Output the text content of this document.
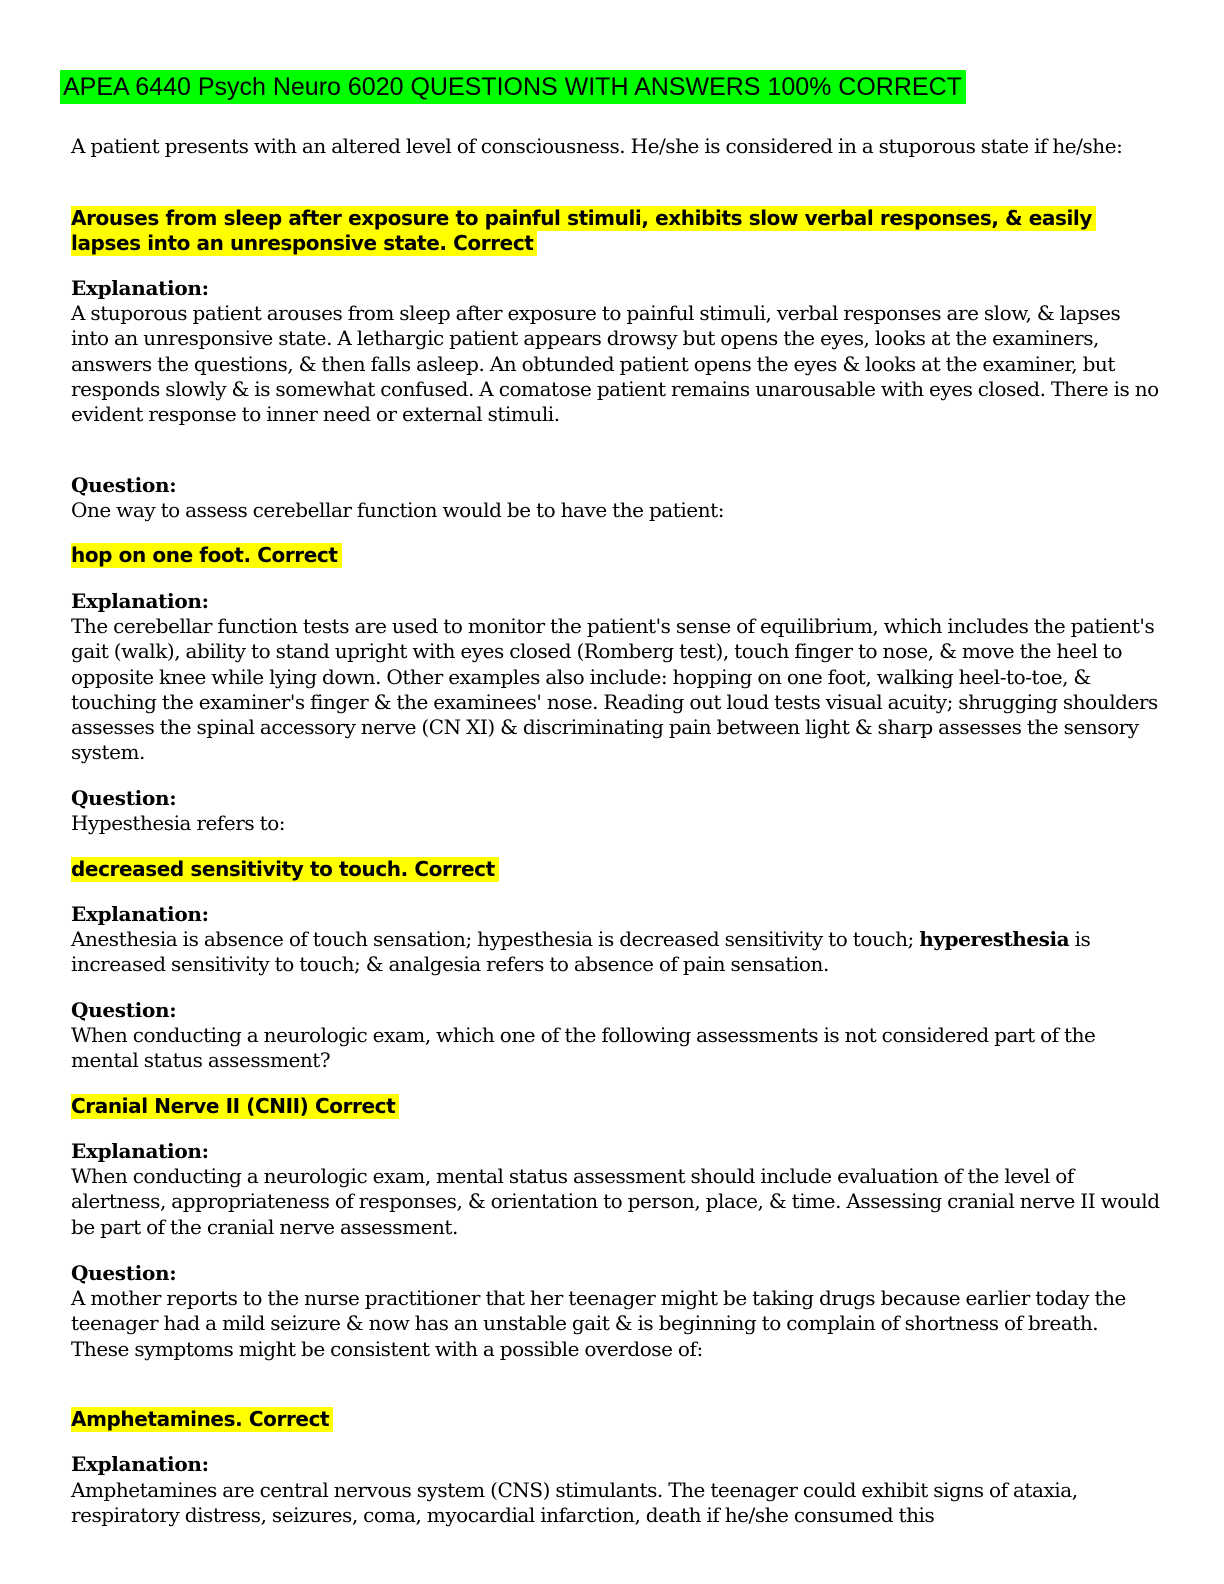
APEA 6440 Psych Neuro 6020 QUESTIONS WITH ANSWERS 100% CORRECT
A patient presents with an altered level of consciousness. He/she is considered in a stuporous state if he/she:
Arouses from sleep after exposure to painful stimuli, exhibits slow verbal responses, & easily lapses into an unresponsive state. Correct
Explanation:
A stuporous patient arouses from sleep after exposure to painful stimuli, verbal responses are slow, & lapses into an unresponsive state. A lethargic patient appears drowsy but opens the eyes, looks at the examiners, answers the questions, & then falls asleep. An obtunded patient opens the eyes & looks at the examiner, but responds slowly & is somewhat confused. A comatose patient remains unarousable with eyes closed. There is no evident response to inner need or external stimuli.
Question:
One way to assess cerebellar function would be to have the patient:
hop on one foot. Correct
Explanation:
The cerebellar function tests are used to monitor the patient's sense of equilibrium, which includes the patient's gait (walk), ability to stand upright with eyes closed (Romberg test), touch finger to nose, & move the heel to opposite knee while lying down. Other examples also include: hopping on one foot, walking heel-to-toe, & touching the examiner's finger & the examinees' nose. Reading out loud tests visual acuity; shrugging shoulders assesses the spinal accessory nerve (CN XI) & discriminating pain between light & sharp assesses the sensory system.
Question:
Hypesthesia refers to:
decreased sensitivity to touch. Correct
Explanation:
Anesthesia is absence of touch sensation; hypesthesia is decreased sensitivity to touch; hyperesthesia is increased sensitivity to touch; & analgesia refers to absence of pain sensation.
Question:
When conducting a neurologic exam, which one of the following assessments is not considered part of the mental status assessment?
Cranial Nerve II (CNII) Correct
Explanation:
When conducting a neurologic exam, mental status assessment should include evaluation of the level of alertness, appropriateness of responses, & orientation to person, place, & time. Assessing cranial nerve II would be part of the cranial nerve assessment.
Question:
A mother reports to the nurse practitioner that her teenager might be taking drugs because earlier today the teenager had a mild seizure & now has an unstable gait & is beginning to complain of shortness of breath. These symptoms might be consistent with a possible overdose of:
Amphetamines. Correct
Explanation:
Amphetamines are central nervous system (CNS) stimulants. The teenager could exhibit signs of ataxia, respiratory distress, seizures, coma, myocardial infarction, death if he/she consumed this
